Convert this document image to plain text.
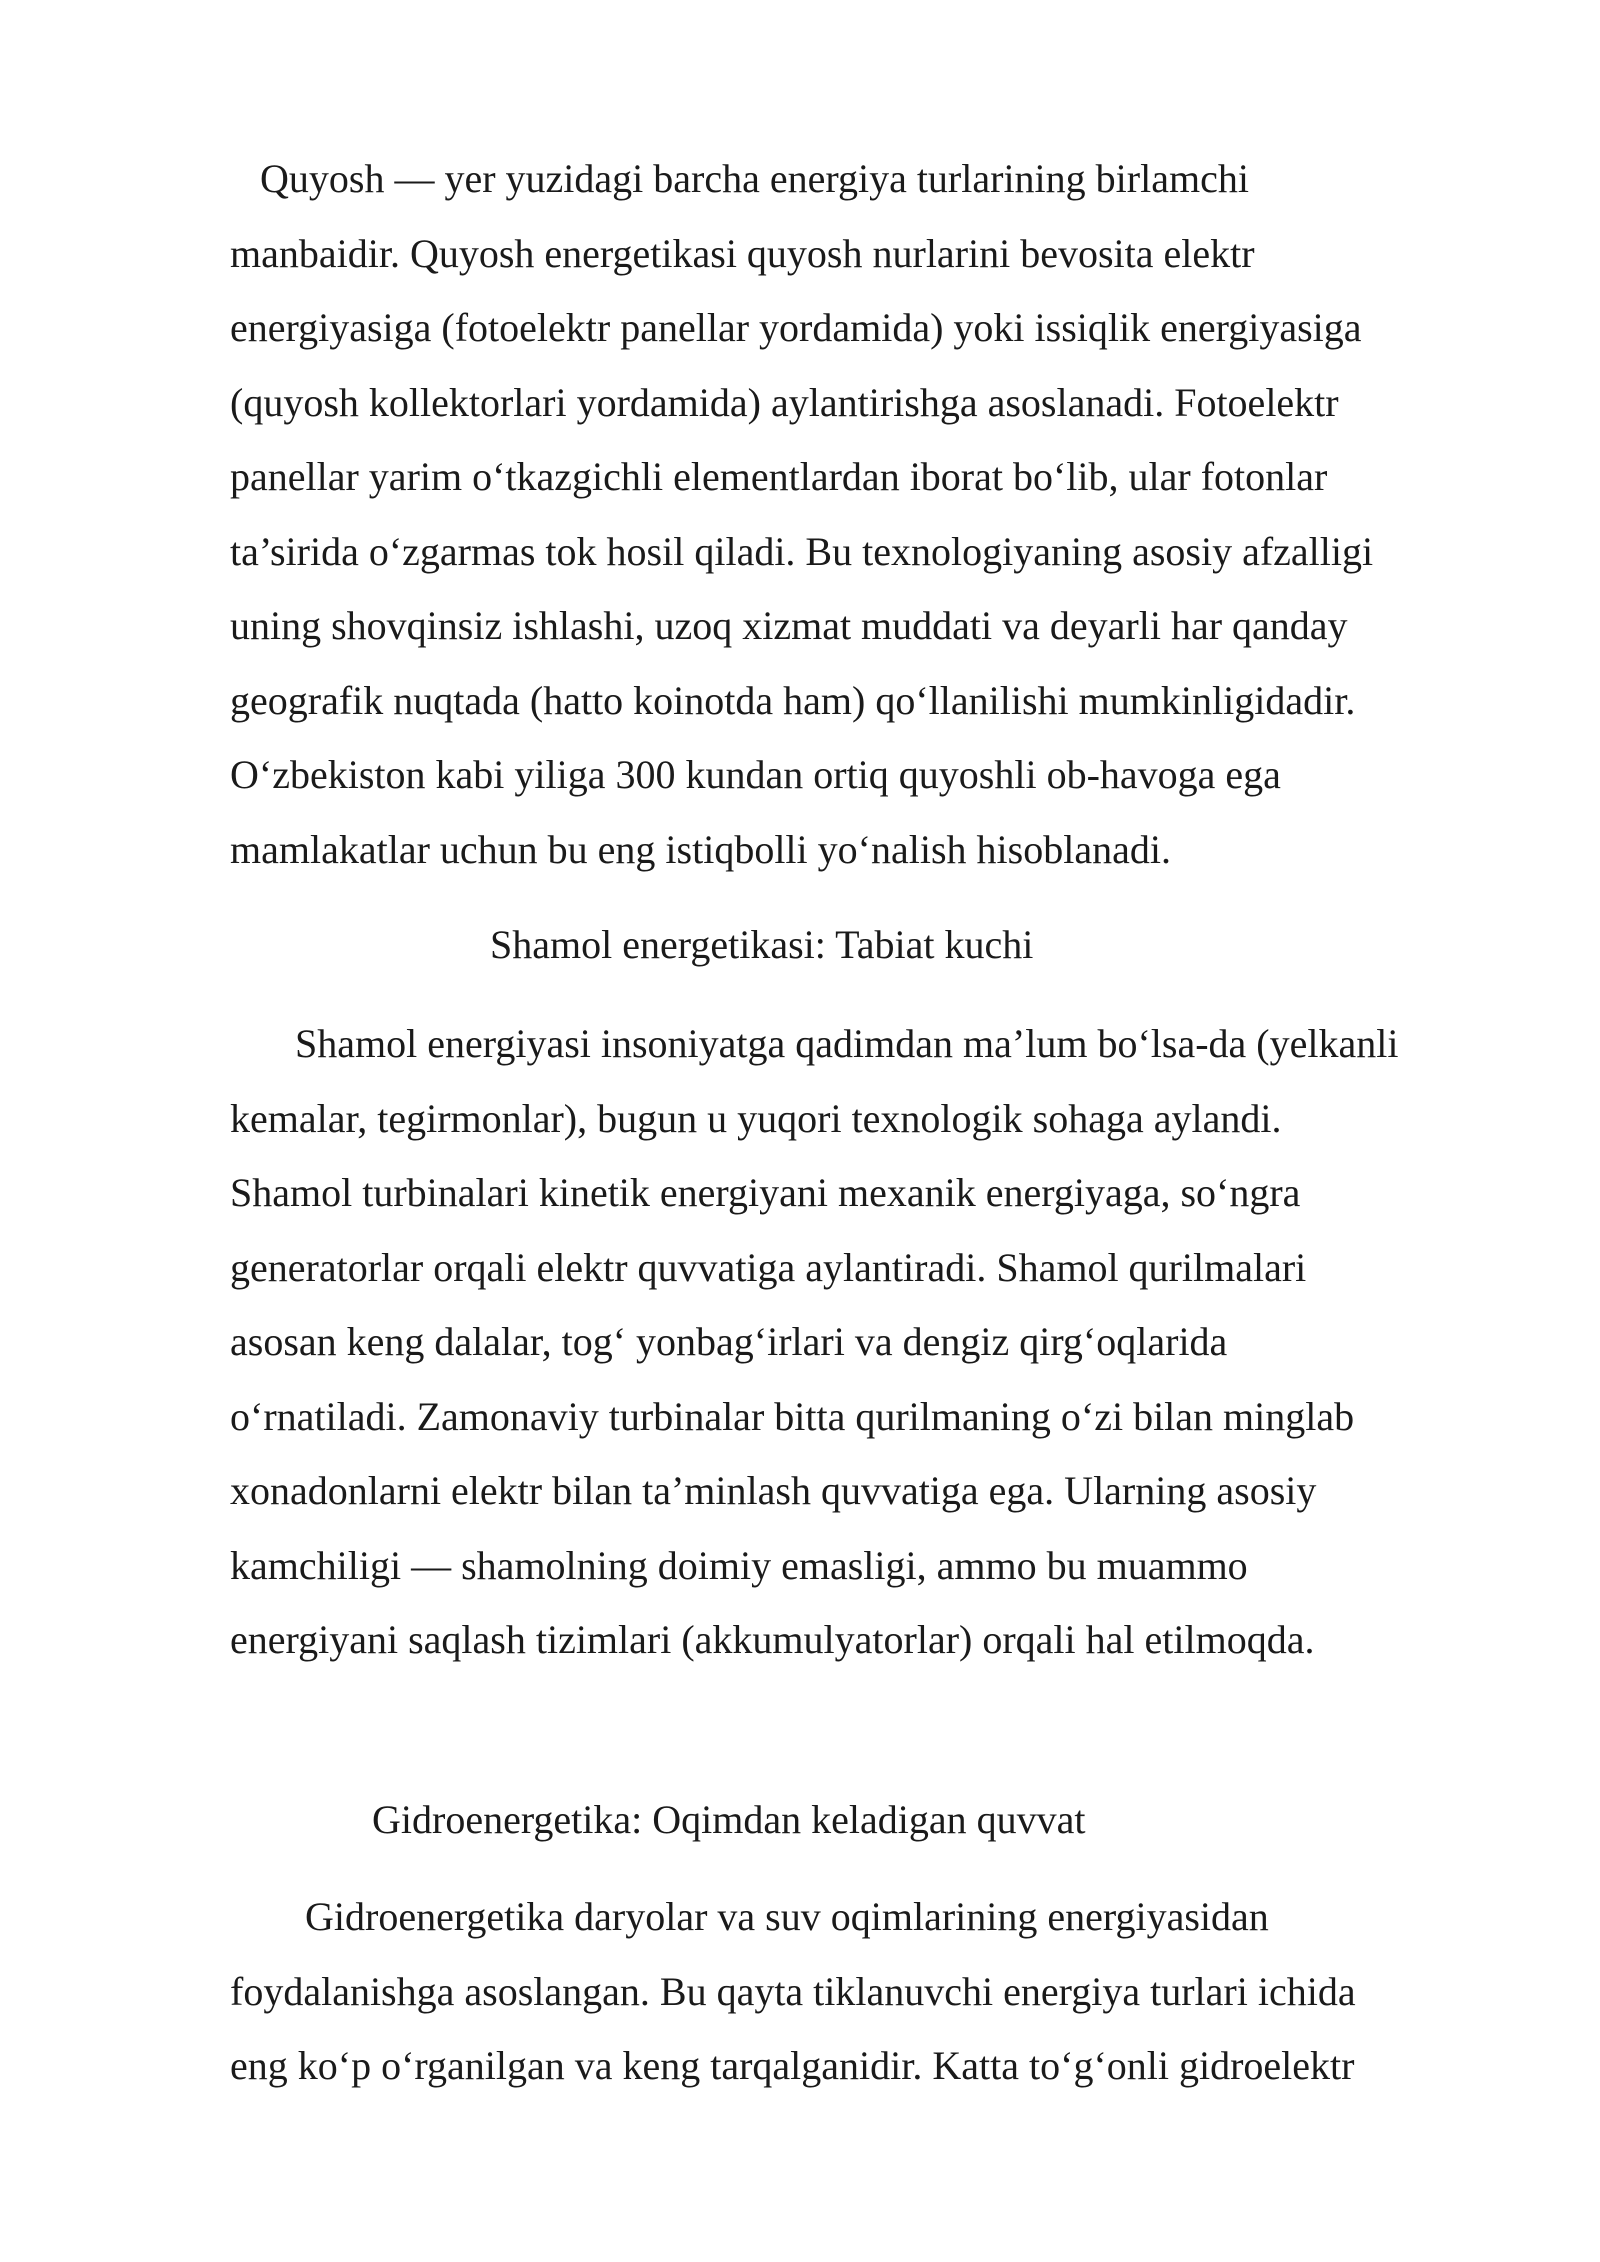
Quyosh — yer yuzidagi barcha energiya turlarining birlamchi
manbaidir. Quyosh energetikasi quyosh nurlarini bevosita elektr
energiyasiga (fotoelektr panellar yordamida) yoki issiqlik energiyasiga
(quyosh kollektorlari yordamida) aylantirishga asoslanadi. Fotoelektr
panellar yarim o‘tkazgichli elementlardan iborat bo‘lib, ular fotonlar
ta’sirida o‘zgarmas tok hosil qiladi. Bu texnologiyaning asosiy afzalligi
uning shovqinsiz ishlashi, uzoq xizmat muddati va deyarli har qanday
geografik nuqtada (hatto koinotda ham) qo‘llanilishi mumkinligidadir.
O‘zbekiston kabi yiliga 300 kundan ortiq quyoshli ob-havoga ega
mamlakatlar uchun bu eng istiqbolli yo‘nalish hisoblanadi.
Shamol energetikasi: Tabiat kuchi
Shamol energiyasi insoniyatga qadimdan ma’lum bo‘lsa-da (yelkanli
kemalar, tegirmonlar), bugun u yuqori texnologik sohaga aylandi.
Shamol turbinalari kinetik energiyani mexanik energiyaga, so‘ngra
generatorlar orqali elektr quvvatiga aylantiradi. Shamol qurilmalari
asosan keng dalalar, tog‘ yonbag‘irlari va dengiz qirg‘oqlarida
o‘rnatiladi. Zamonaviy turbinalar bitta qurilmaning o‘zi bilan minglab
xonadonlarni elektr bilan ta’minlash quvvatiga ega. Ularning asosiy
kamchiligi — shamolning doimiy emasligi, ammo bu muammo
energiyani saqlash tizimlari (akkumulyatorlar) orqali hal etilmoqda.
Gidroenergetika: Oqimdan keladigan quvvat
Gidroenergetika daryolar va suv oqimlarining energiyasidan
foydalanishga asoslangan. Bu qayta tiklanuvchi energiya turlari ichida
eng ko‘p o‘rganilgan va keng tarqalganidir. Katta to‘g‘onli gidroelektr
